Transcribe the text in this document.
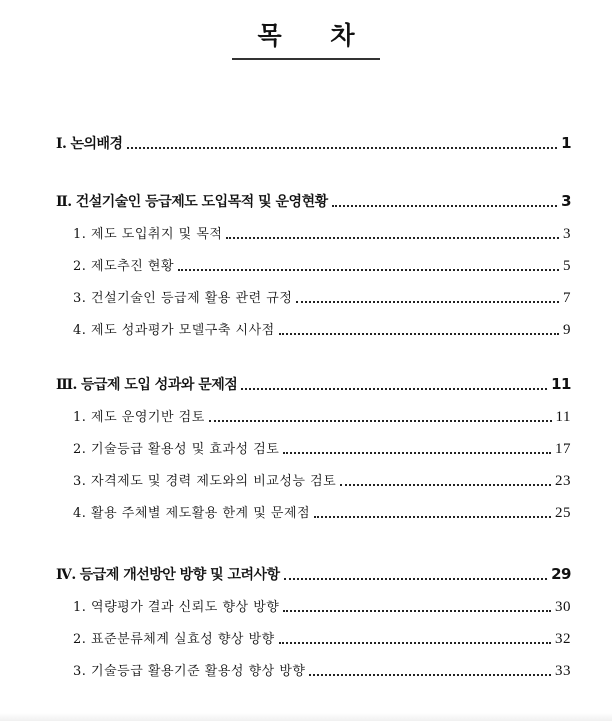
목 차
Ⅰ. 논의배경	1
Ⅱ. 건설기술인 등급제도 도입목적 및 운영현황	3
1. 제도 도입취지 및 목적	3
2. 제도추진 현황	5
3. 건설기술인 등급제 활용 관련 규정	7
4. 제도 성과평가 모델구축 시사점	9
Ⅲ. 등급제 도입 성과와 문제점	11
1. 제도 운영기반 검토	11
2. 기술등급 활용성 및 효과성 검토	17
3. 자격제도 및 경력 제도와의 비교성능 검토	23
4. 활용 주체별 제도활용 한계 및 문제점	25
Ⅳ. 등급제 개선방안 방향 및 고려사항	29
1. 역량평가 결과 신뢰도 향상 방향	30
2. 표준분류체계 실효성 향상 방향	32
3. 기술등급 활용기준 활용성 향상 방향	33
